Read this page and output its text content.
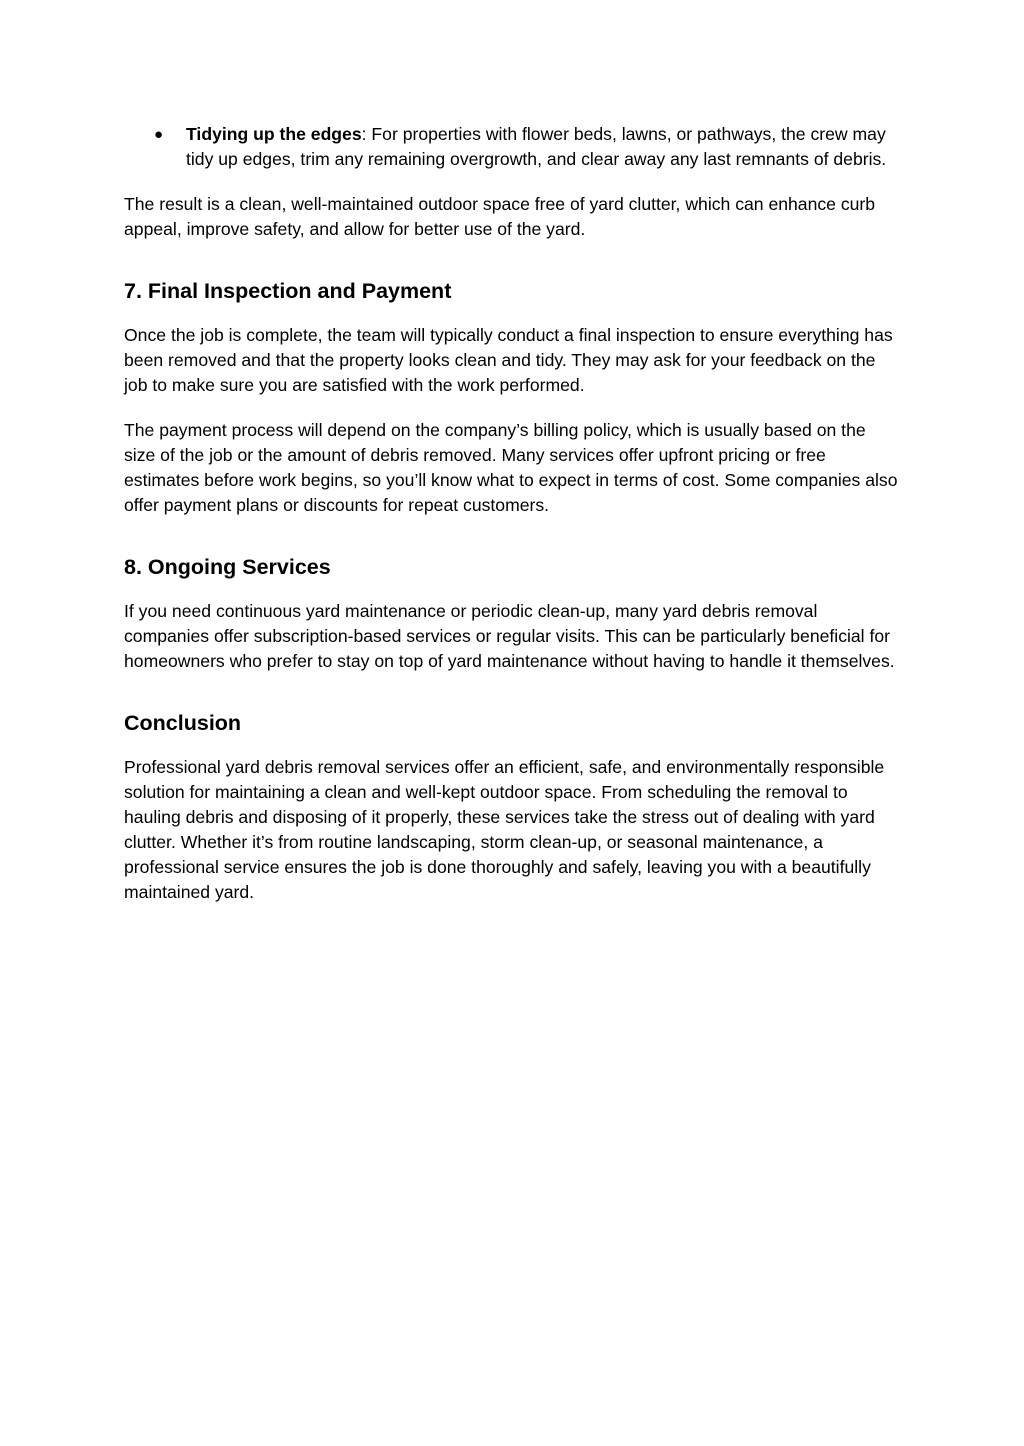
● Tidying up the edges: For properties with flower beds, lawns, or pathways, the crew may tidy up edges, trim any remaining overgrowth, and clear away any last remnants of debris.

The result is a clean, well-maintained outdoor space free of yard clutter, which can enhance curb appeal, improve safety, and allow for better use of the yard.

7. Final Inspection and Payment

Once the job is complete, the team will typically conduct a final inspection to ensure everything has been removed and that the property looks clean and tidy. They may ask for your feedback on the job to make sure you are satisfied with the work performed.

The payment process will depend on the company’s billing policy, which is usually based on the size of the job or the amount of debris removed. Many services offer upfront pricing or free estimates before work begins, so you’ll know what to expect in terms of cost. Some companies also offer payment plans or discounts for repeat customers.

8. Ongoing Services

If you need continuous yard maintenance or periodic clean-up, many yard debris removal companies offer subscription-based services or regular visits. This can be particularly beneficial for homeowners who prefer to stay on top of yard maintenance without having to handle it themselves.

Conclusion

Professional yard debris removal services offer an efficient, safe, and environmentally responsible solution for maintaining a clean and well-kept outdoor space. From scheduling the removal to hauling debris and disposing of it properly, these services take the stress out of dealing with yard clutter. Whether it’s from routine landscaping, storm clean-up, or seasonal maintenance, a professional service ensures the job is done thoroughly and safely, leaving you with a beautifully maintained yard.
